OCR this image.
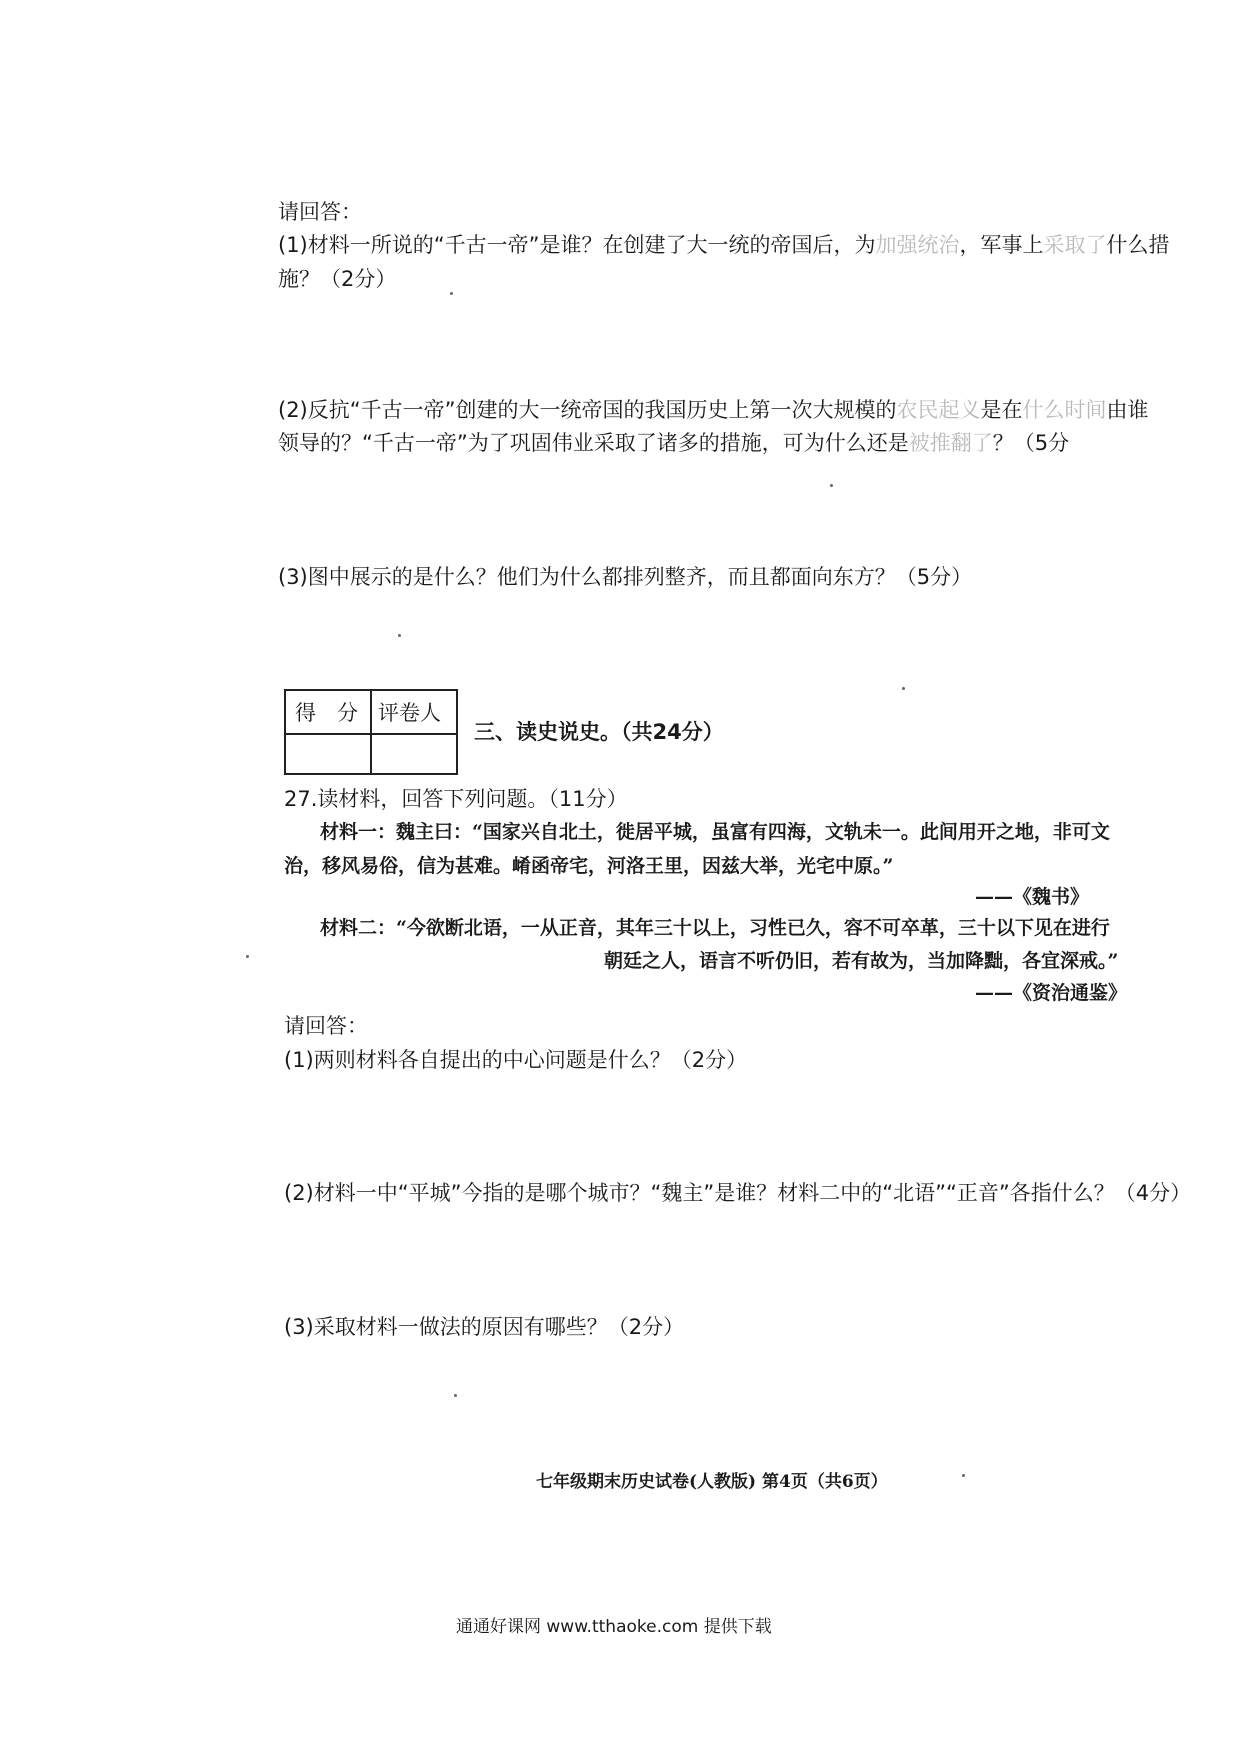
请回答：
(1)材料一所说的“千古一帝”是谁？在创建了大一统的帝国后，为加强统治，军事上采取了什么措
施？（2分）
(2)反抗“千古一帝”创建的大一统帝国的我国历史上第一次大规模的农民起义是在什么时间由谁
领导的？“千古一帝”为了巩固伟业采取了诸多的措施，可为什么还是被推翻了？（5分
(3)图中展示的是什么？他们为什么都排列整齐，而且都面向东方？（5分）
得　分 评卷人
三、读史说史。（共24分）
27.读材料，回答下列问题。（11分）
材料一：魏主曰：“国家兴自北土，徙居平城，虽富有四海，文轨未一。此间用开之地，非可文
治，移风易俗，信为甚难。崤函帝宅，河洛王里，因兹大举，光宅中原。”
——《魏书》
材料二：“今欲断北语，一从正音，其年三十以上，习性已久，容不可卒革，三十以下见在进行
朝廷之人，语言不听仍旧，若有故为，当加降黜，各宜深戒。”
——《资治通鉴》
请回答：
(1)两则材料各自提出的中心问题是什么？（2分）
(2)材料一中“平城”今指的是哪个城市？“魏主”是谁？材料二中的“北语”“正音”各指什么？（4分）
(3)采取材料一做法的原因有哪些？（2分）
七年级期末历史试卷(人教版) 第4页（共6页）
通通好课网 www.tthaoke.com 提供下载
